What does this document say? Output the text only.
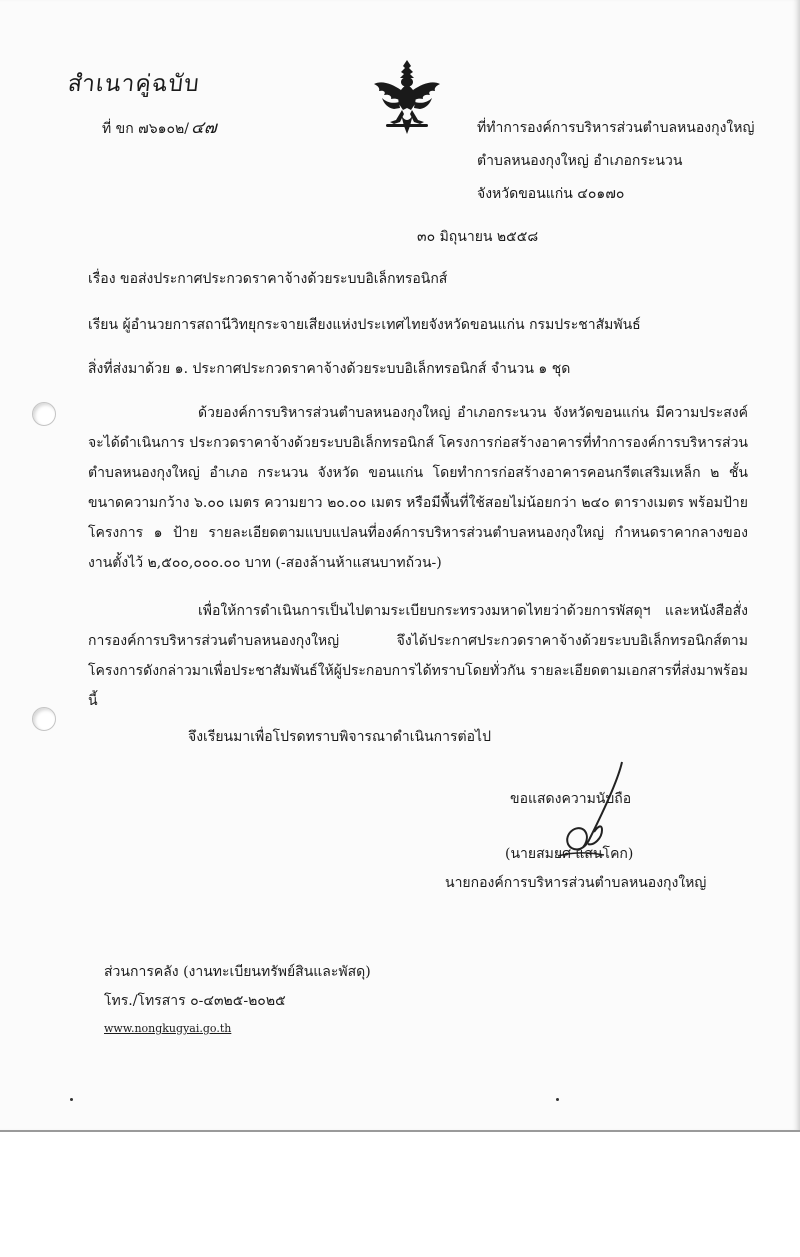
สำเนาคู่ฉบับ
ที่ ขก ๗๖๑๐๒/ ๔๗	ที่ทำการองค์การบริหารส่วนตำบลหนองกุงใหญ่
ตำบลหนองกุงใหญ่ อำเภอกระนวน
จังหวัดขอนแก่น ๔๐๑๗๐
๓๐ มิถุนายน ๒๕๕๘
เรื่อง ขอส่งประกาศประกวดราคาจ้างด้วยระบบอิเล็กทรอนิกส์
เรียน ผู้อำนวยการสถานีวิทยุกระจายเสียงแห่งประเทศไทยจังหวัดขอนแก่น กรมประชาสัมพันธ์
สิ่งที่ส่งมาด้วย ๑. ประกาศประกวดราคาจ้างด้วยระบบอิเล็กทรอนิกส์ จำนวน ๑ ชุด

ด้วยองค์การบริหารส่วนตำบลหนองกุงใหญ่ อำเภอกระนวน จังหวัดขอนแก่น มีความประสงค์จะได้ดำเนินการ ประกวดราคาจ้างด้วยระบบอิเล็กทรอนิกส์ โครงการก่อสร้างอาคารที่ทำการองค์การบริหารส่วนตำบลหนองกุงใหญ่ อำเภอ กระนวน จังหวัด ขอนแก่น โดยทำการก่อสร้างอาคารคอนกรีตเสริมเหล็ก ๒ ชั้น ขนาดความกว้าง ๖.๐๐ เมตร ความยาว ๒๐.๐๐ เมตร หรือมีพื้นที่ใช้สอยไม่น้อยกว่า ๒๔๐ ตารางเมตร พร้อมป้ายโครงการ ๑ ป้าย รายละเอียดตามแบบแปลนที่องค์การบริหารส่วนตำบลหนองกุงใหญ่ กำหนดราคากลางของงานตั้งไว้ ๒,๕๐๐,๐๐๐.๐๐ บาท (-สองล้านห้าแสนบาทถ้วน-)

เพื่อให้การดำเนินการเป็นไปตามระเบียบกระทรวงมหาดไทยว่าด้วยการพัสดุฯ และหนังสือสั่งการองค์การบริหารส่วนตำบลหนองกุงใหญ่ จึงได้ประกาศประกวดราคาจ้างด้วยระบบอิเล็กทรอนิกส์ตามโครงการดังกล่าวมาเพื่อประชาสัมพันธ์ให้ผู้ประกอบการได้ทราบโดยทั่วกัน รายละเอียดตามเอกสารที่ส่งมาพร้อมนี้

จึงเรียนมาเพื่อโปรดทราบพิจารณาดำเนินการต่อไป
ขอแสดงความนับถือ
(นายสมยศ แสนโคก)
นายกองค์การบริหารส่วนตำบลหนองกุงใหญ่
ส่วนการคลัง (งานทะเบียนทรัพย์สินและพัสดุ)
โทร./โทรสาร ๐-๔๓๒๕-๒๐๒๕
www.nongkugyai.go.th
